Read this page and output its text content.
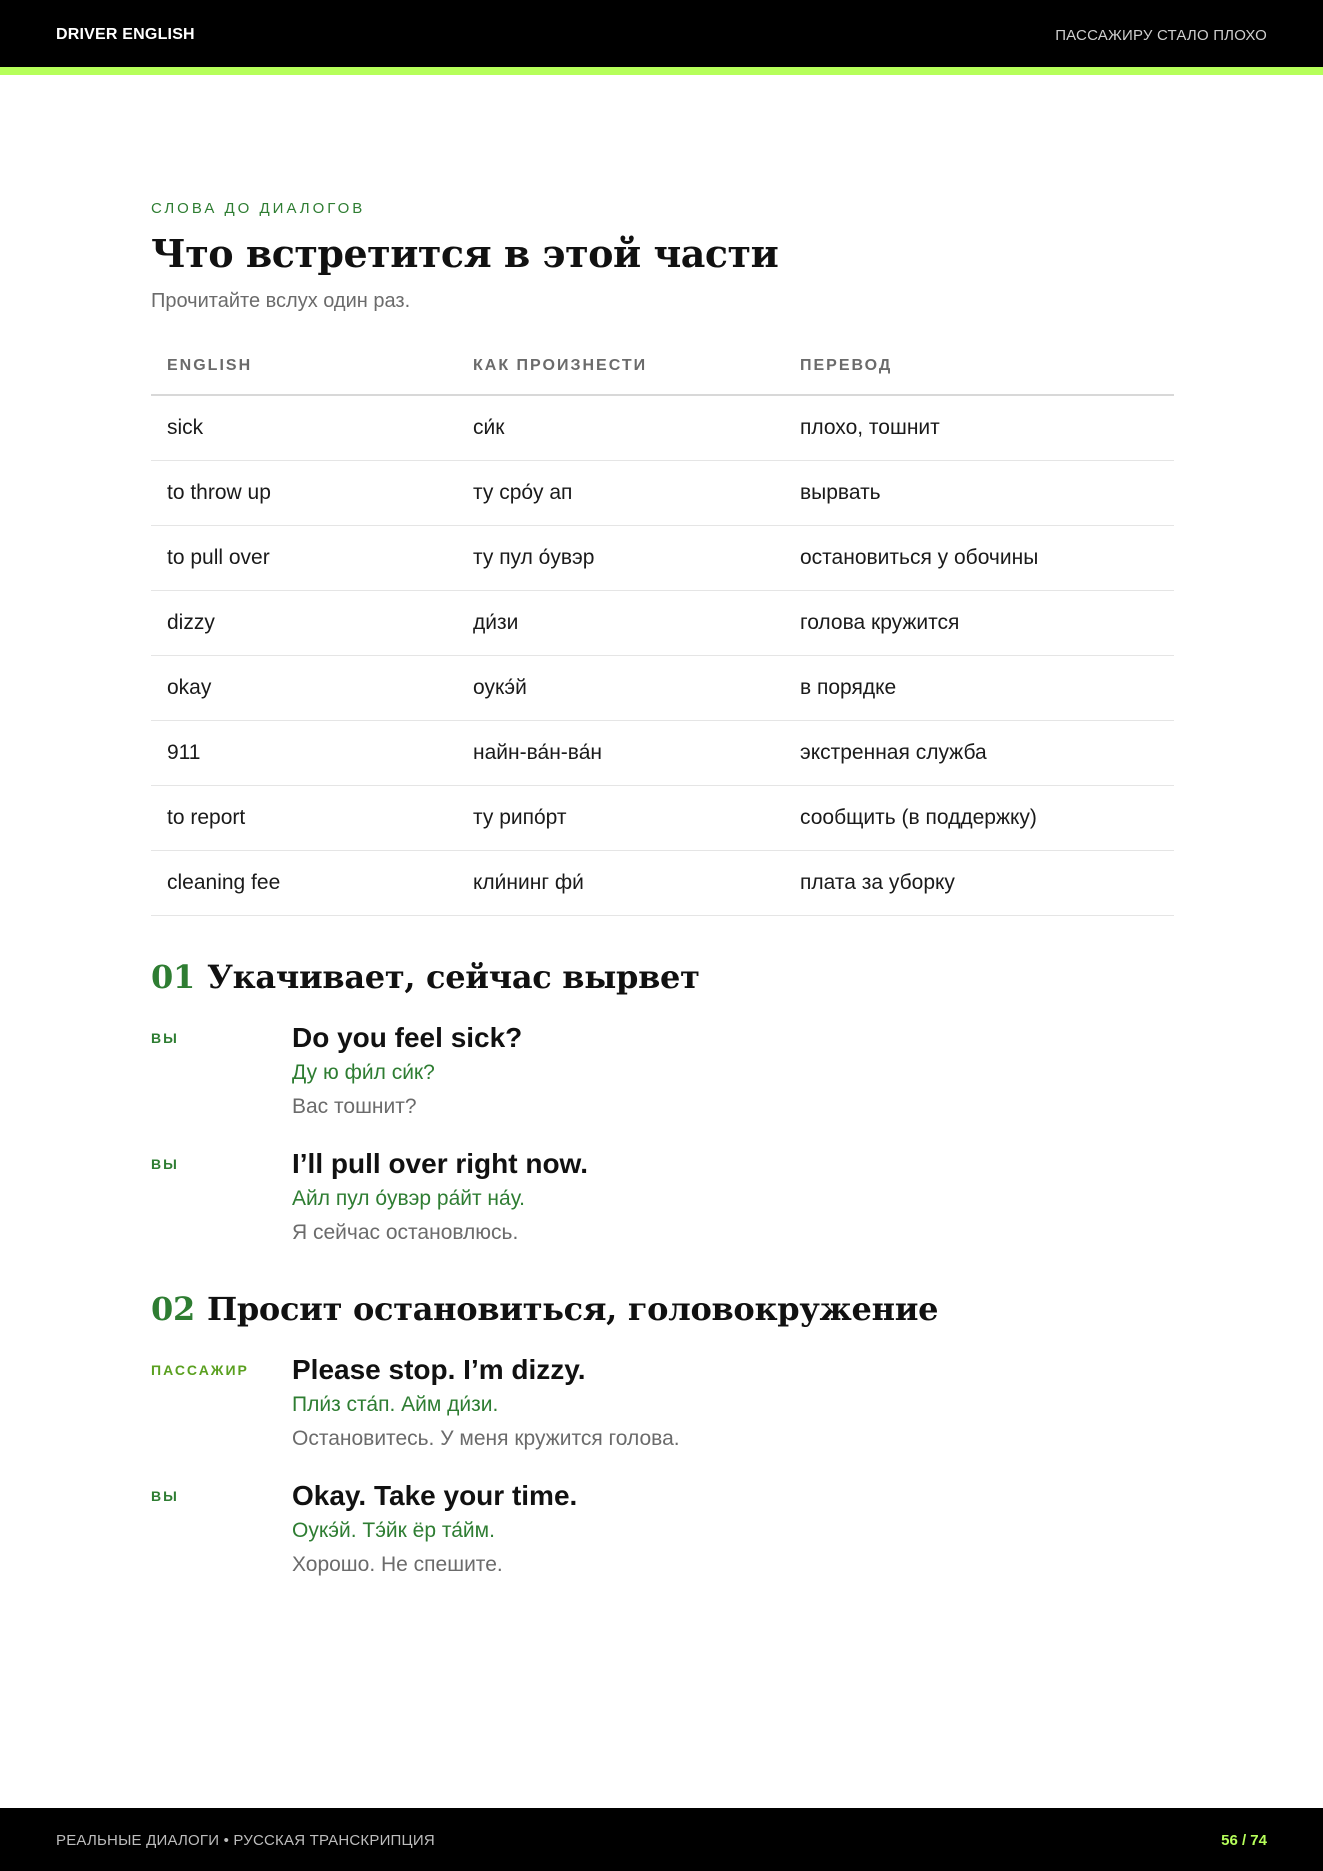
DRIVER ENGLISH	ПАССАЖИРУ СТАЛО ПЛОХО
СЛОВА ДО ДИАЛОГОВ
Что встретится в этой части
Прочитайте вслух один раз.
ENGLISH	КАК ПРОИЗНЕСТИ	ПЕРЕВОД
sick	си́к	плохо, тошнит
to throw up	ту сро́у ап	вырвать
to pull over	ту пул о́увэр	остановиться у обочины
dizzy	ди́зи	голова кружится
okay	оукэ́й	в порядке
911	найн-ва́н-ва́н	экстренная служба
to report	ту рипо́рт	сообщить (в поддержку)
cleaning fee	кли́нинг фи́	плата за уборку
01 Укачивает, сейчас вырвет
ВЫ	Do you feel sick?
Ду ю фи́л си́к?
Вас тошнит?
ВЫ	I’ll pull over right now.
Айл пул о́увэр ра́йт на́у.
Я сейчас остановлюсь.
02 Просит остановиться, головокружение
ПАССАЖИР Please stop. I’m dizzy.
Пли́з ста́п. Айм ди́зи.
Остановитесь. У меня кружится голова.
ВЫ	Okay. Take your time.
Оукэ́й. Тэ́йк ёр та́йм.
Хорошо. Не спешите.
РЕАЛЬНЫЕ ДИАЛОГИ • РУССКАЯ ТРАНСКРИПЦИЯ	56 / 74
